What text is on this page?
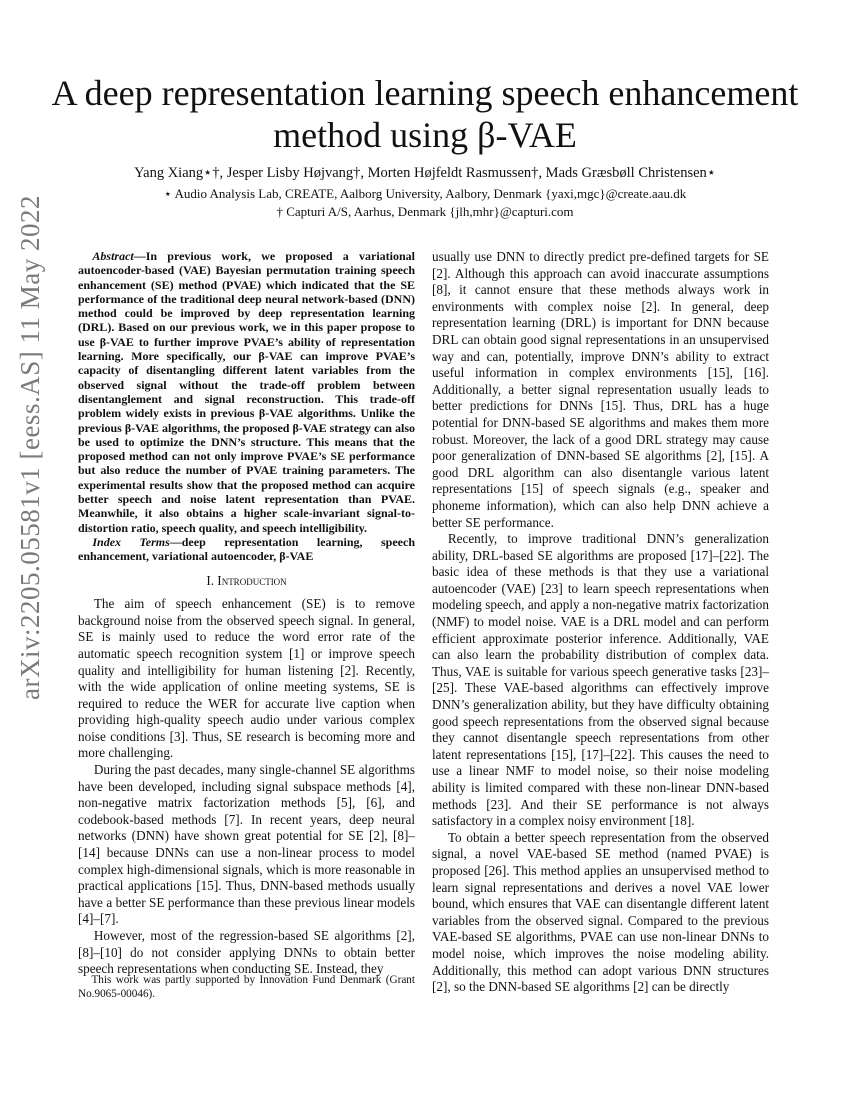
arXiv:2205.05581v1 [eess.AS] 11 May 2022
A deep representation learning speech enhancement
method using β-VAE
Yang Xiang⋆†, Jesper Lisby Højvang†, Morten Højfeldt Rasmussen†, Mads Græsbøll Christensen⋆
⋆ Audio Analysis Lab, CREATE, Aalborg University, Aalbory, Denmark {yaxi,mgc}@create.aau.dk
† Capturi A/S, Aarhus, Denmark {jlh,mhr}@capturi.com

Abstract—In previous work, we proposed a variational autoencoder-based (VAE) Bayesian permutation training speech enhancement (SE) method (PVAE) which indicated that the SE performance of the traditional deep neural network-based (DNN) method could be improved by deep representation learning (DRL). Based on our previous work, we in this paper propose to use β-VAE to further improve PVAE’s ability of representation learning. More specifically, our β-VAE can improve PVAE’s capacity of disentangling different latent variables from the observed signal without the trade-off problem between disentanglement and signal reconstruction. This trade-off problem widely exists in previous β-VAE algorithms. Unlike the previous β-VAE algorithms, the proposed β-VAE strategy can also be used to optimize the DNN’s structure. This means that the proposed method can not only improve PVAE’s SE performance but also reduce the number of PVAE training parameters. The experimental results show that the proposed method can acquire better speech and noise latent representation than PVAE. Meanwhile, it also obtains a higher scale-invariant signal-to-distortion ratio, speech quality, and speech intelligibility.

Index Terms—deep representation learning, speech enhancement, variational autoencoder, β-VAE

I. Introduction

The aim of speech enhancement (SE) is to remove background noise from the observed speech signal. In general, SE is mainly used to reduce the word error rate of the automatic speech recognition system [1] or improve speech quality and intelligibility for human listening [2]. Recently, with the wide application of online meeting systems, SE is required to reduce the WER for accurate live caption when providing high-quality speech audio under various complex noise conditions [3]. Thus, SE research is becoming more and more challenging.

During the past decades, many single-channel SE algorithms have been developed, including signal subspace methods [4], non-negative matrix factorization methods [5], [6], and codebook-based methods [7]. In recent years, deep neural networks (DNN) have shown great potential for SE [2], [8]–[14] because DNNs can use a non-linear process to model complex high-dimensional signals, which is more reasonable in practical applications [15]. Thus, DNN-based methods usually have a better SE performance than these previous linear models [4]–[7].

However, most of the regression-based SE algorithms [2], [8]–[10] do not consider applying DNNs to obtain better speech representations when conducting SE. Instead, they

usually use DNN to directly predict pre-defined targets for SE [2]. Although this approach can avoid inaccurate assumptions [8], it cannot ensure that these methods always work in environments with complex noise [2]. In general, deep representation learning (DRL) is important for DNN because DRL can obtain good signal representations in an unsupervised way and can, potentially, improve DNN’s ability to extract useful information in complex environments [15], [16]. Additionally, a better signal representation usually leads to better predictions for DNNs [15]. Thus, DRL has a huge potential for DNN-based SE algorithms and makes them more robust. Moreover, the lack of a good DRL strategy may cause poor generalization of DNN-based SE algorithms [2], [15]. A good DRL algorithm can also disentangle various latent representations [15] of speech signals (e.g., speaker and phoneme information), which can also help DNN achieve a better SE performance.

Recently, to improve traditional DNN’s generalization ability, DRL-based SE algorithms are proposed [17]–[22]. The basic idea of these methods is that they use a variational autoencoder (VAE) [23] to learn speech representations when modeling speech, and apply a non-negative matrix factorization (NMF) to model noise. VAE is a DRL model and can perform efficient approximate posterior inference. Additionally, VAE can also learn the probability distribution of complex data. Thus, VAE is suitable for various speech generative tasks [23]–[25]. These VAE-based algorithms can effectively improve DNN’s generalization ability, but they have difficulty obtaining good speech representations from the observed signal because they cannot disentangle speech representations from other latent representations [15], [17]–[22]. This causes the need to use a linear NMF to model noise, so their noise modeling ability is limited compared with these non-linear DNN-based methods [23]. And their SE performance is not always satisfactory in a complex noisy environment [18].

To obtain a better speech representation from the observed signal, a novel VAE-based SE method (named PVAE) is proposed [26]. This method applies an unsupervised method to learn signal representations and derives a novel VAE lower bound, which ensures that VAE can disentangle different latent variables from the observed signal. Compared to the previous VAE-based SE algorithms, PVAE can use non-linear DNNs to model noise, which improves the noise modeling ability. Additionally, this method can adopt various DNN structures [2], so the DNN-based SE algorithms [2] can be directly

This work was partly supported by Innovation Fund Denmark (Grant No.9065-00046).
